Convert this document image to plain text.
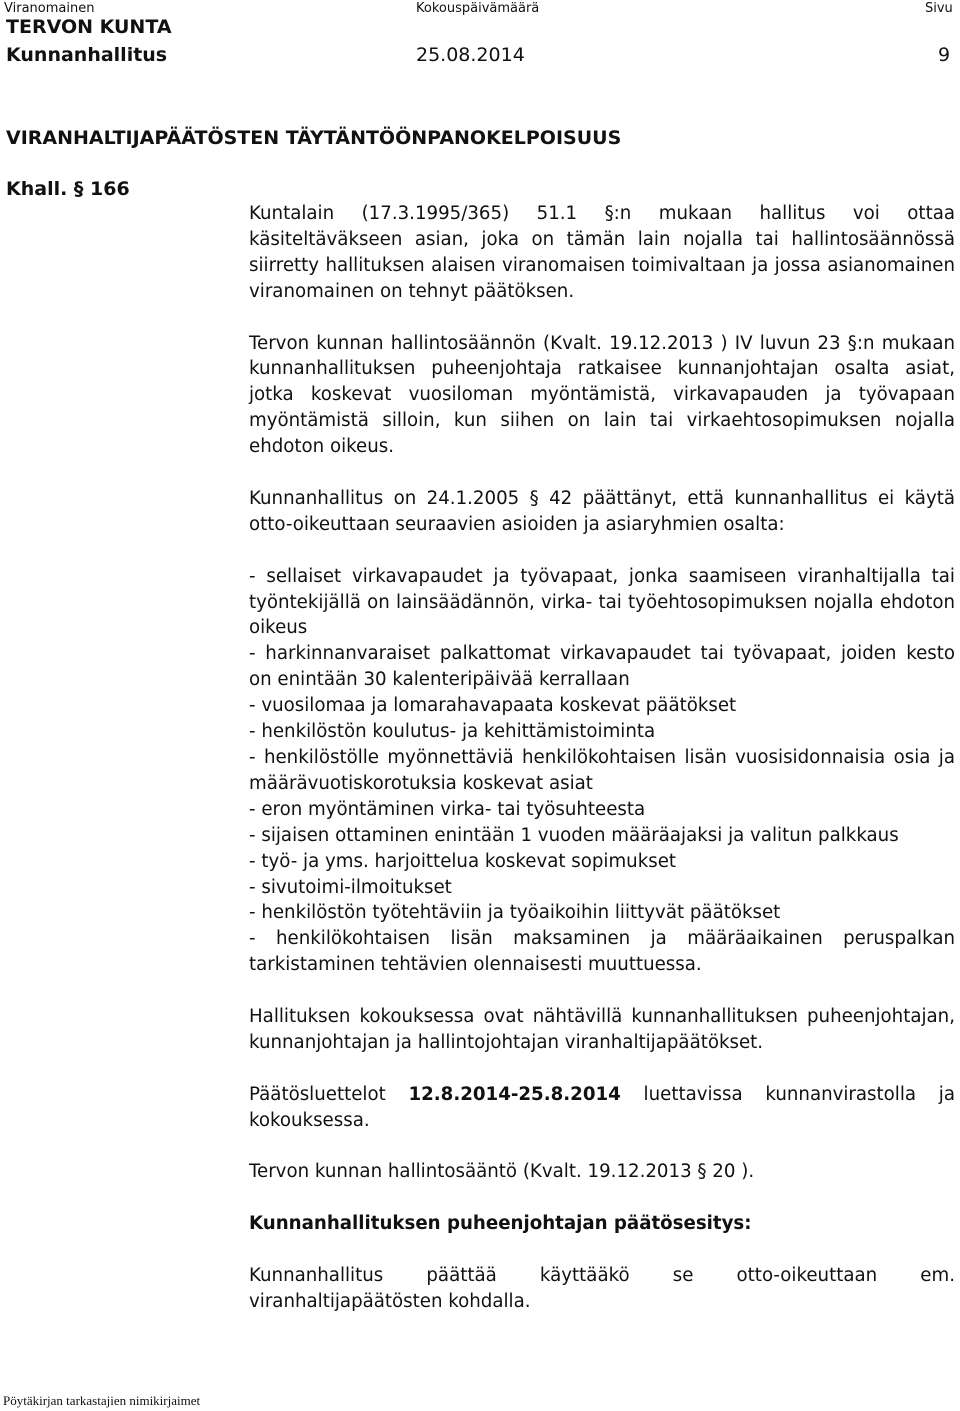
Viranomainen	Kokouspäivämäärä	Sivu
TERVON KUNTA
Kunnanhallitus	25.08.2014	9
VIRANHALTIJAPÄÄTÖSTEN TÄYTÄNTÖÖNPANOKELPOISUUS
Khall. § 166

Kuntalain (17.3.1995/365) 51.1 §:n mukaan hallitus voi ottaa käsiteltäväkseen asian, joka on tämän lain nojalla tai hallintosäännössä siirretty hallituksen alaisen viranomaisen toimivaltaan ja jossa asianomainen viranomainen on tehnyt päätöksen.

Tervon kunnan hallintosäännön (Kvalt. 19.12.2013 ) IV luvun 23 §:n mukaan kunnanhallituksen puheenjohtaja ratkaisee kunnanjohtajan osalta asiat, jotka koskevat vuosiloman myöntämistä, virkavapauden ja työvapaan myöntämistä silloin, kun siihen on lain tai virkaehtosopimuksen nojalla ehdoton oikeus.

Kunnanhallitus on 24.1.2005 § 42 päättänyt, että kunnanhallitus ei käytä otto-oikeuttaan seuraavien asioiden ja asiaryhmien osalta:

- sellaiset virkavapaudet ja työvapaat, jonka saamiseen viranhaltijalla tai työntekijällä on lainsäädännön, virka- tai työehtosopimuksen nojalla ehdoton oikeus

- harkinnanvaraiset palkattomat virkavapaudet tai työvapaat, joiden kesto on enintään 30 kalenteripäivää kerrallaan

- vuosilomaa ja lomarahavapaata koskevat päätökset

- henkilöstön koulutus- ja kehittämistoiminta

- henkilöstölle myönnettäviä henkilökohtaisen lisän vuosisidonnaisia osia ja määrävuotiskorotuksia koskevat asiat

- eron myöntäminen virka- tai työsuhteesta

- sijaisen ottaminen enintään 1 vuoden määräajaksi ja valitun palkkaus

- työ- ja yms. harjoittelua koskevat sopimukset

- sivutoimi-ilmoitukset

- henkilöstön työtehtäviin ja työaikoihin liittyvät päätökset

- henkilökohtaisen lisän maksaminen ja määräaikainen peruspalkan tarkistaminen tehtävien olennaisesti muuttuessa.

Hallituksen kokouksessa ovat nähtävillä kunnanhallituksen puheenjohtajan, kunnanjohtajan ja hallintojohtajan viranhaltijapäätökset.

Päätösluettelot 12.8.2014-25.8.2014 luettavissa kunnanvirastolla ja kokouksessa.

Tervon kunnan hallintosääntö (Kvalt. 19.12.2013 § 20 ).

Kunnanhallituksen puheenjohtajan päätösesitys:

Kunnanhallitus päättää käyttääkö se otto-oikeuttaan em. viranhaltijapäätösten kohdalla.

Pöytäkirjan tarkastajien nimikirjaimet
